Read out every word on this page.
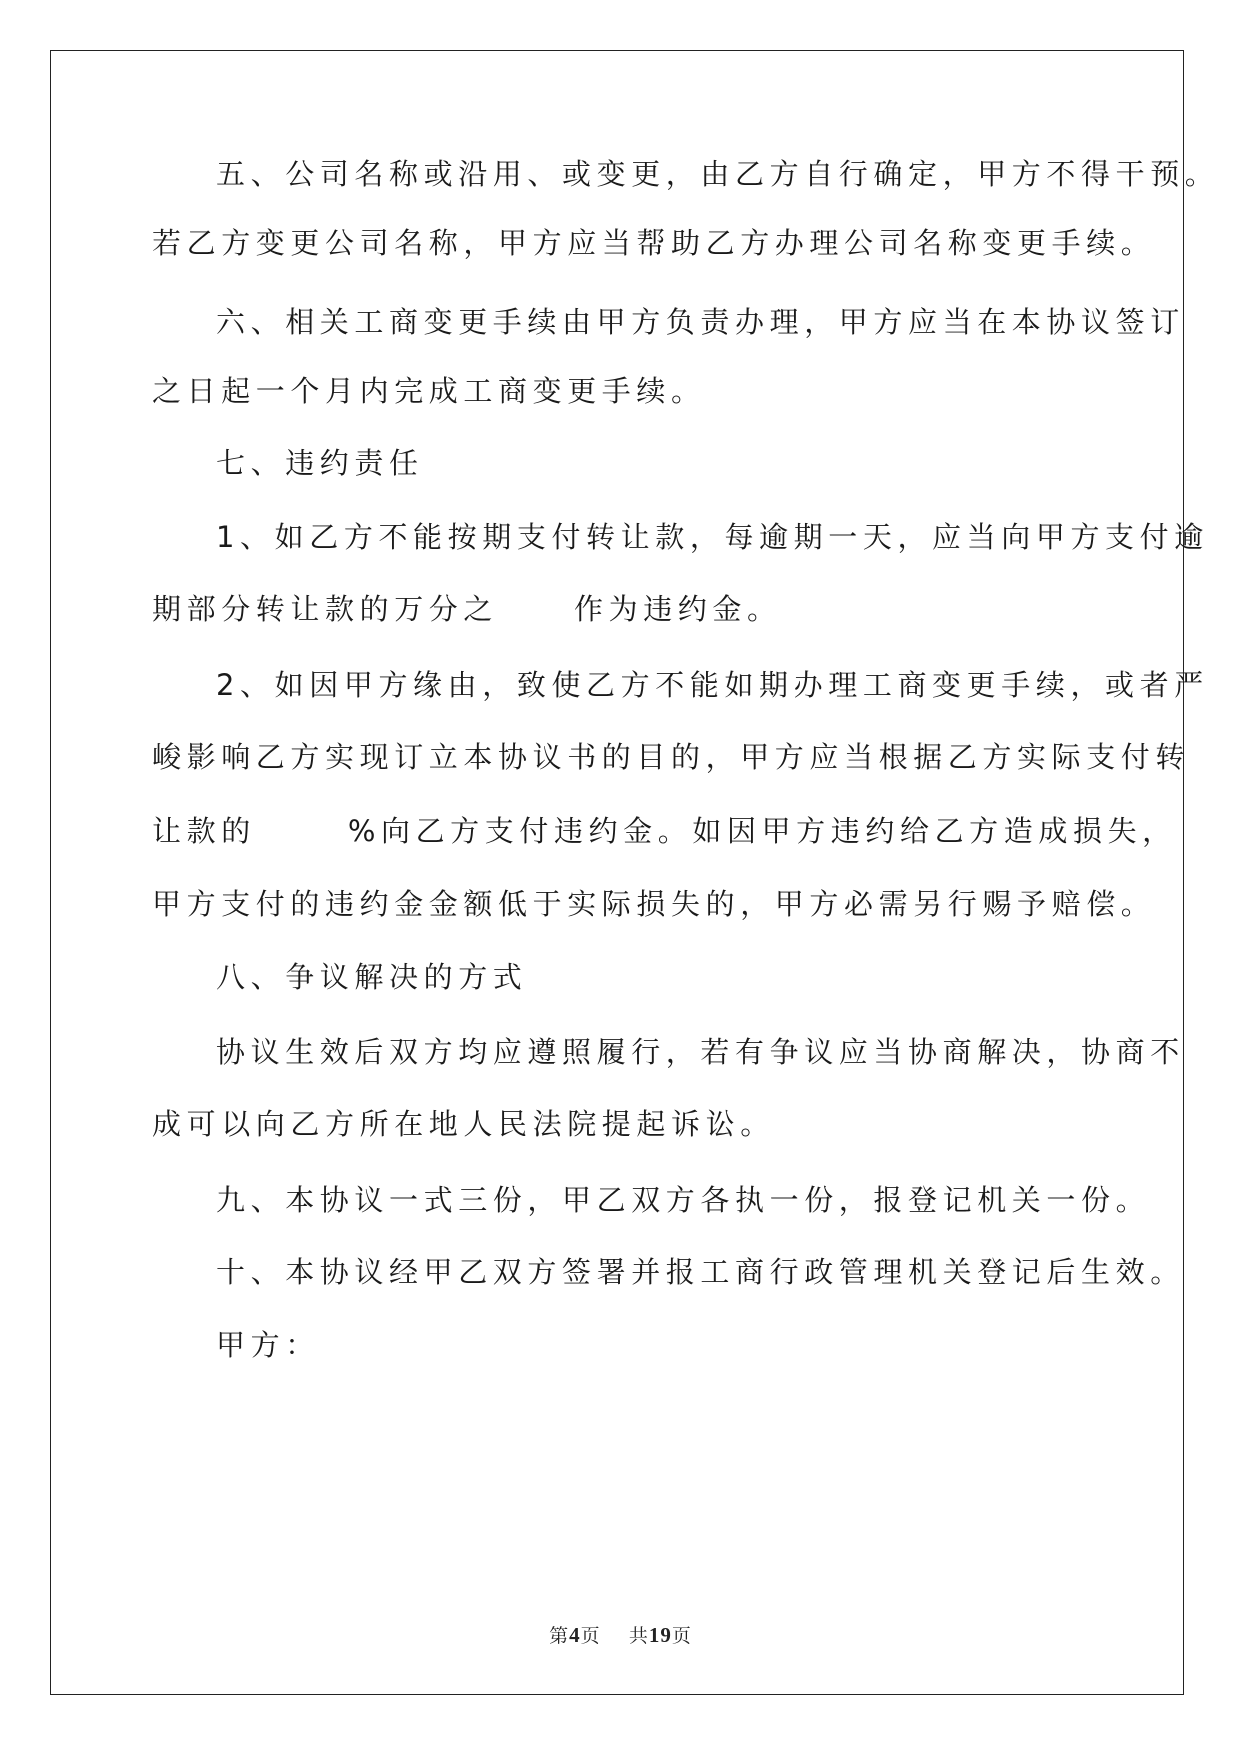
五、公司名称或沿用、或变更，由乙方自行确定，甲方不得干预。
若乙方变更公司名称，甲方应当帮助乙方办理公司名称变更手续。
六、相关工商变更手续由甲方负责办理，甲方应当在本协议签订
之日起一个月内完成工商变更手续。
七、违约责任
1、如乙方不能按期支付转让款，每逾期一天，应当向甲方支付逾
期部分转让款的万分之	作为违约金。
2、如因甲方缘由，致使乙方不能如期办理工商变更手续，或者严
峻影响乙方实现订立本协议书的目的，甲方应当根据乙方实际支付转
让款的	%向乙方支付违约金。如因甲方违约给乙方造成损失，
甲方支付的违约金金额低于实际损失的，甲方必需另行赐予赔偿。
八、争议解决的方式
协议生效后双方均应遵照履行，若有争议应当协商解决，协商不
成可以向乙方所在地人民法院提起诉讼。
九、本协议一式三份，甲乙双方各执一份，报登记机关一份。
十、本协议经甲乙双方签署并报工商行政管理机关登记后生效。
甲方：
第4页 共19页
